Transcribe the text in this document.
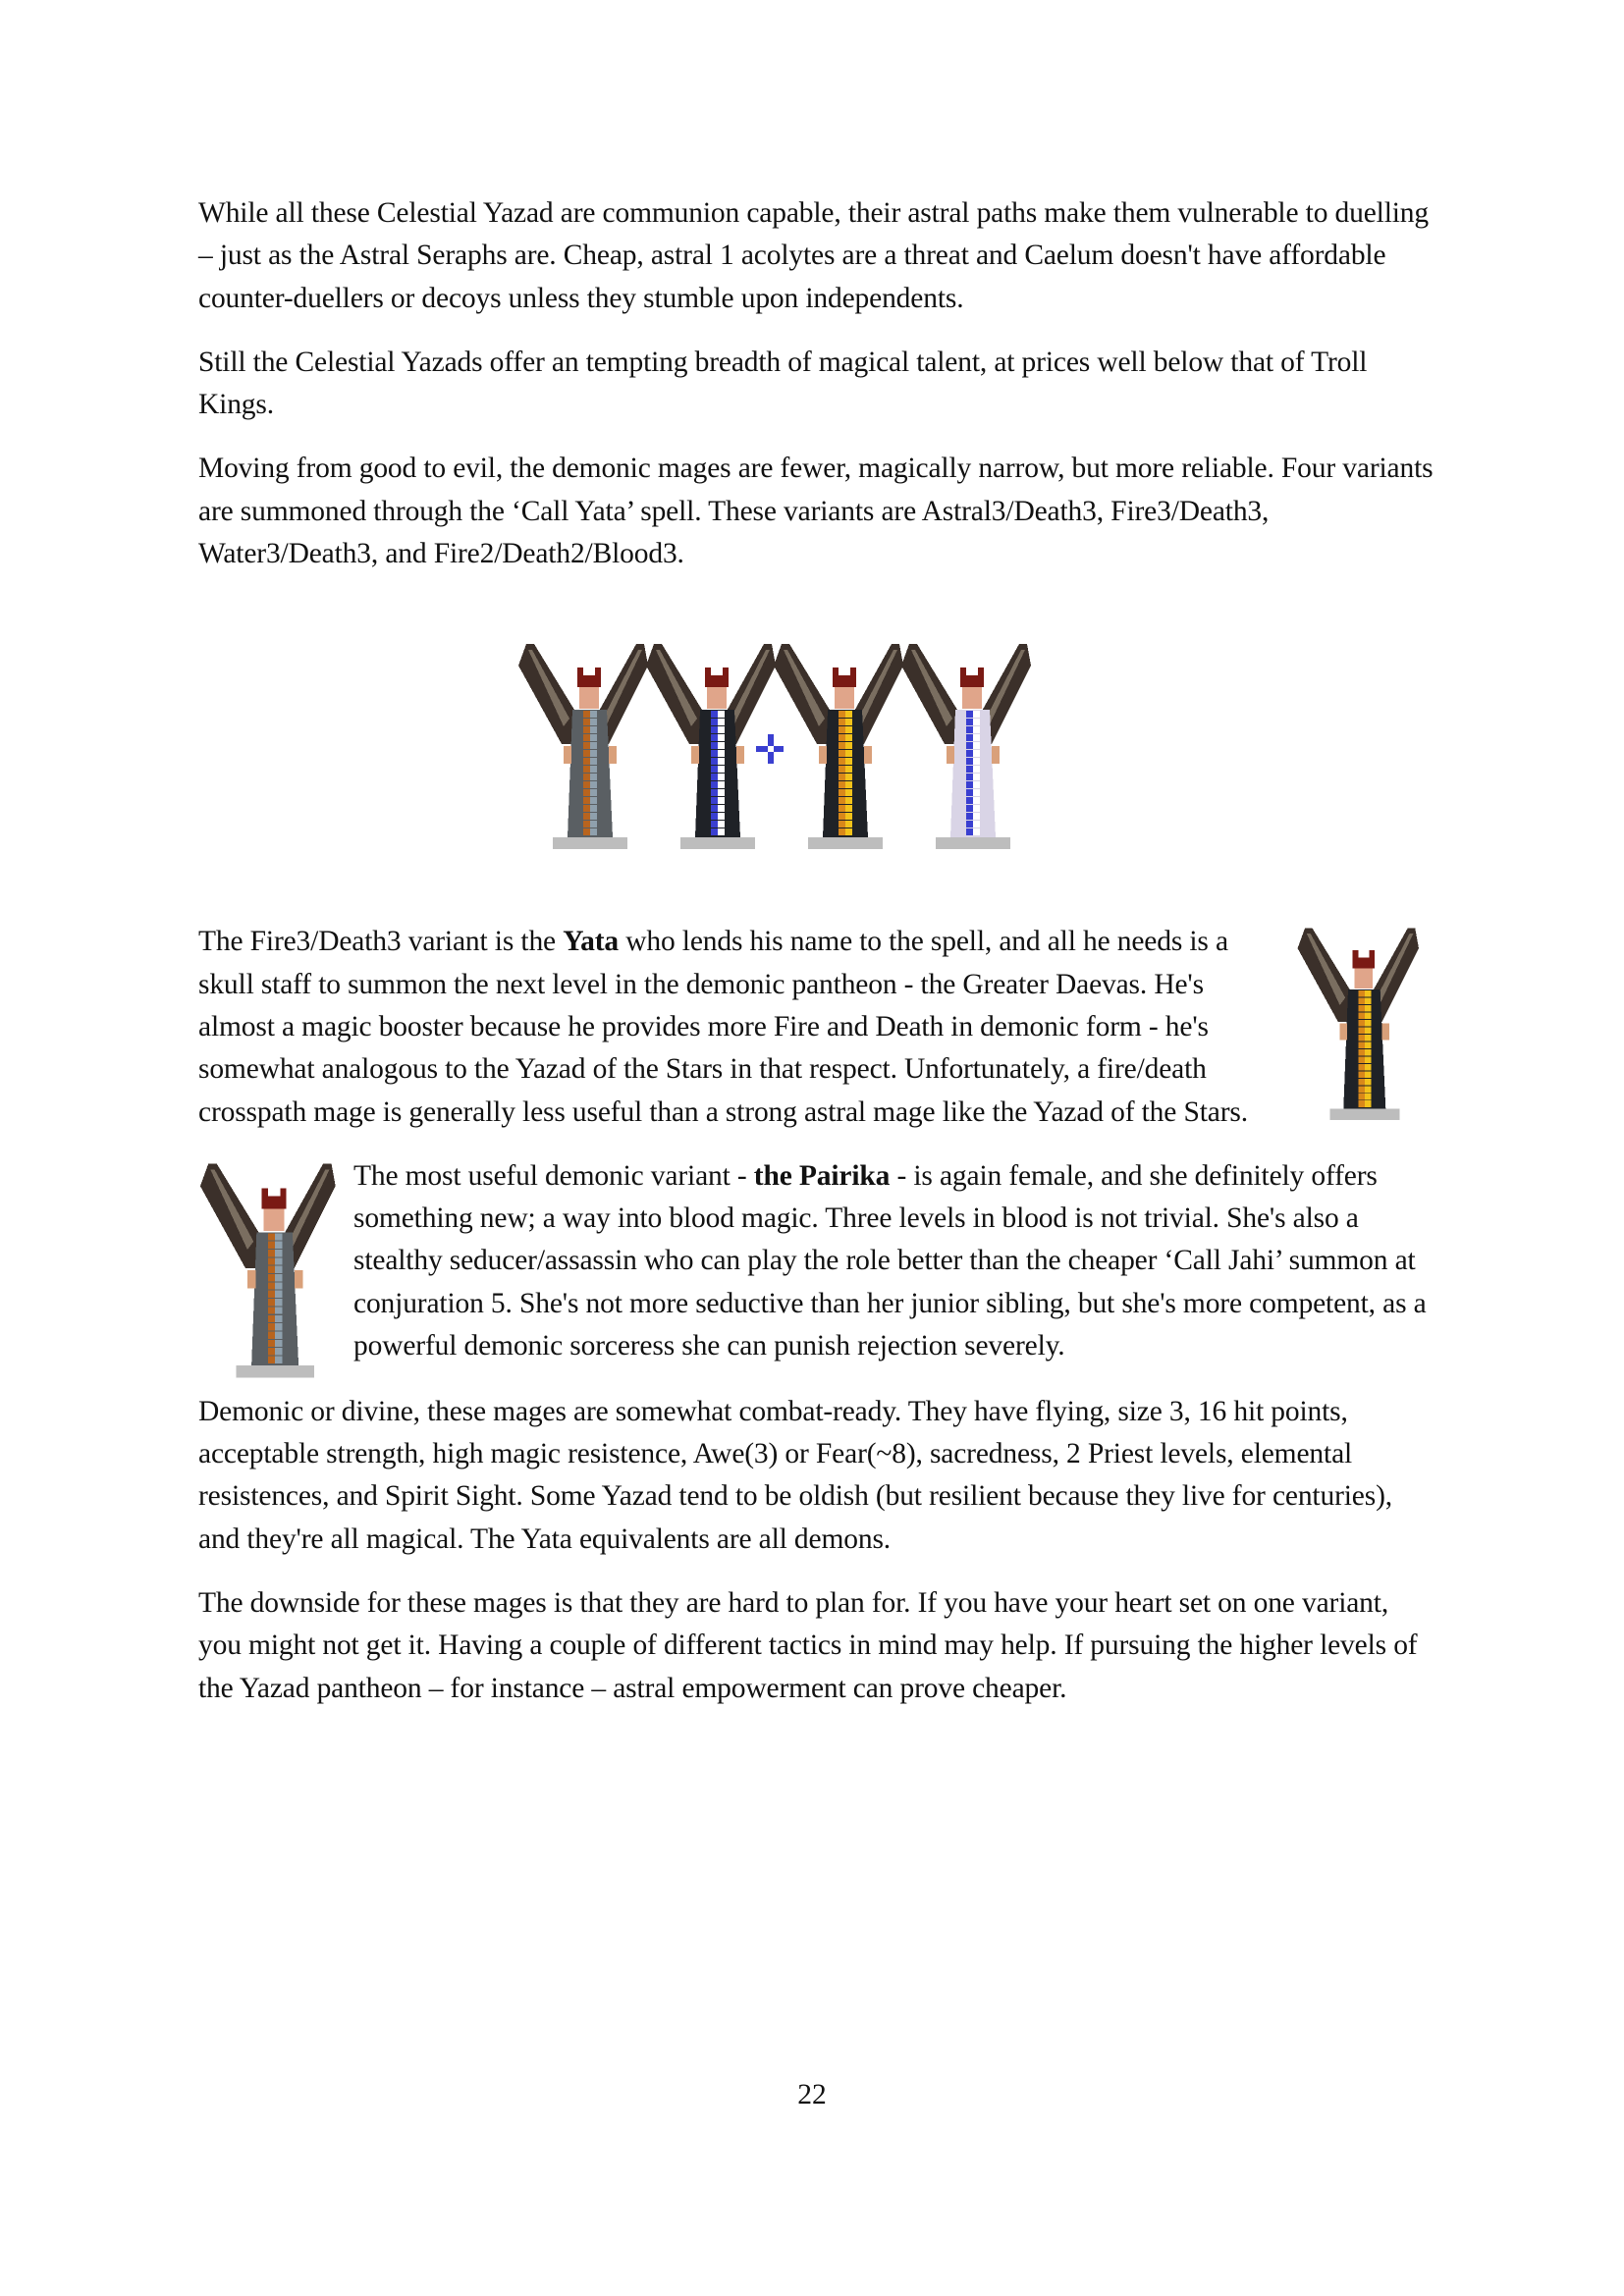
While all these Celestial Yazad are communion capable, their astral paths make them vulnerable to duelling – just as the Astral Seraphs are. Cheap, astral 1 acolytes are a threat and Caelum doesn't have affordable counter-duellers or decoys unless they stumble upon independents.

Still the Celestial Yazads offer an tempting breadth of magical talent, at prices well below that of Troll Kings.

Moving from good to evil, the demonic mages are fewer, magically narrow, but more reliable. Four variants are summoned through the ‘Call Yata’ spell. These variants are Astral3/Death3, Fire3/Death3, Water3/Death3, and Fire2/Death2/Blood3.

The Fire3/Death3 variant is the Yata who lends his name to the spell, and all he needs is a skull staff to summon the next level in the demonic pantheon - the Greater Daevas. He's almost a magic booster because he provides more Fire and Death in demonic form - he's somewhat analogous to the Yazad of the Stars in that respect. Unfortunately, a fire/death crosspath mage is generally less useful than a strong astral mage like the Yazad of the Stars.

The most useful demonic variant - the Pairika - is again female, and she definitely offers something new; a way into blood magic. Three levels in blood is not trivial. She's also a stealthy seducer/assassin who can play the role better than the cheaper ‘Call Jahi’ summon at conjuration 5. She's not more seductive than her junior sibling, but she's more competent, as a powerful demonic sorceress she can punish rejection severely.

Demonic or divine, these mages are somewhat combat-ready. They have flying, size 3, 16 hit points, acceptable strength, high magic resistence, Awe(3) or Fear(~8), sacredness, 2 Priest levels, elemental resistences, and Spirit Sight. Some Yazad tend to be oldish (but resilient because they live for centuries), and they're all magical. The Yata equivalents are all demons.

The downside for these mages is that they are hard to plan for. If you have your heart set on one variant, you might not get it. Having a couple of different tactics in mind may help. If pursuing the higher levels of the Yazad pantheon – for instance – astral empowerment can prove cheaper.

22
